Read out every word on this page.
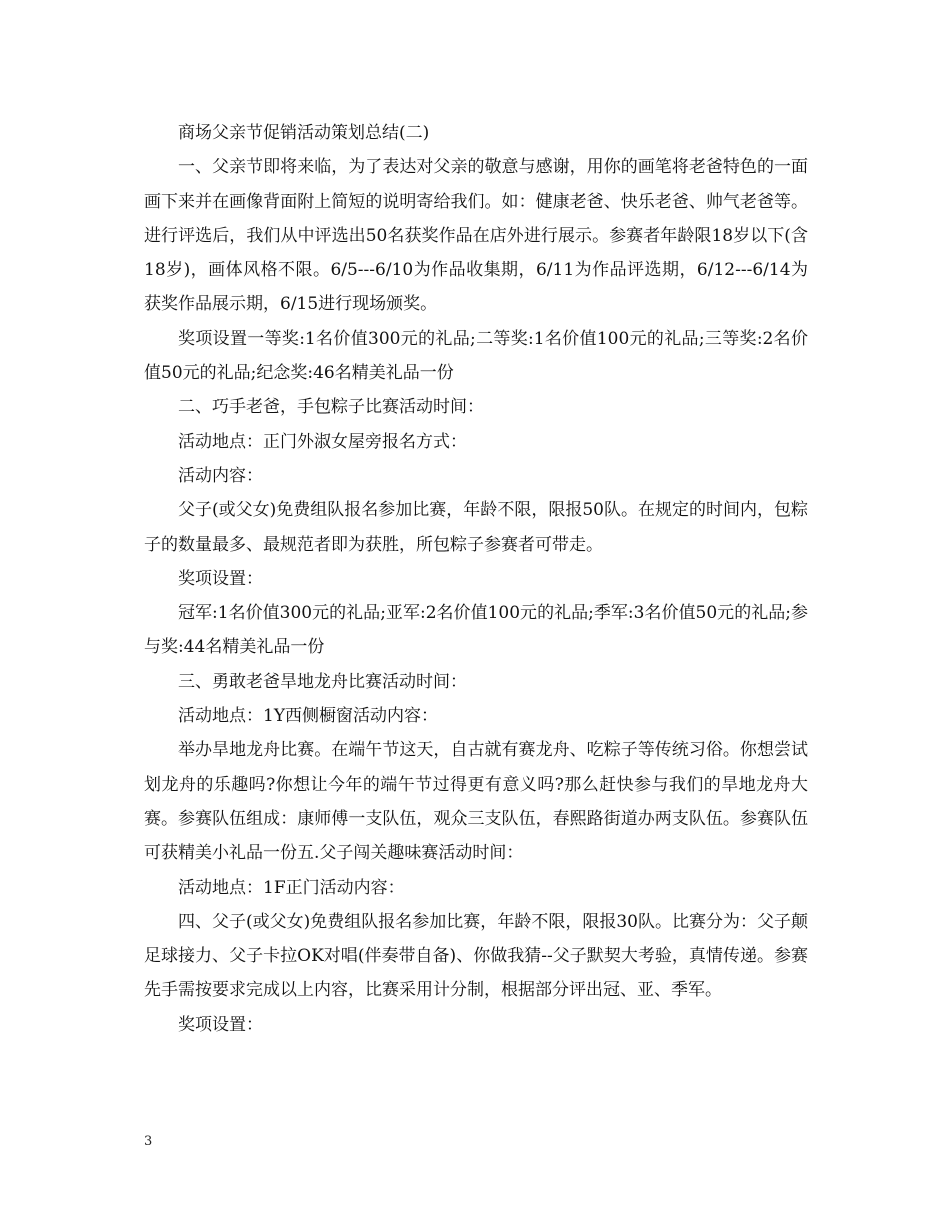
商场父亲节促销活动策划总结(二)

一、父亲节即将来临，为了表达对父亲的敬意与感谢，用你的画笔将老爸特色的一面画下来并在画像背面附上简短的说明寄给我们。如：健康老爸、快乐老爸、帅气老爸等。进行评选后，我们从中评选出50名获奖作品在店外进行展示。参赛者年龄限18岁以下(含18岁)，画体风格不限。6/5---6/10为作品收集期，6/11为作品评选期，6/12---6/14为获奖作品展示期，6/15进行现场颁奖。

奖项设置一等奖:1名价值300元的礼品;二等奖:1名价值100元的礼品;三等奖:2名价值50元的礼品;纪念奖:46名精美礼品一份

二、巧手老爸，手包粽子比赛活动时间：

活动地点：正门外淑女屋旁报名方式：

活动内容：

父子(或父女)免费组队报名参加比赛，年龄不限，限报50队。在规定的时间内，包粽子的数量最多、最规范者即为获胜，所包粽子参赛者可带走。

奖项设置：

冠军:1名价值300元的礼品;亚军:2名价值100元的礼品;季军:3名价值50元的礼品;参与奖:44名精美礼品一份

三、勇敢老爸旱地龙舟比赛活动时间：

活动地点：1Y西侧橱窗活动内容：

举办旱地龙舟比赛。在端午节这天，自古就有赛龙舟、吃粽子等传统习俗。你想尝试划龙舟的乐趣吗?你想让今年的端午节过得更有意义吗?那么赶快参与我们的旱地龙舟大赛。参赛队伍组成：康师傅一支队伍，观众三支队伍，春熙路街道办两支队伍。参赛队伍可获精美小礼品一份五.父子闯关趣味赛活动时间：

活动地点：1F正门活动内容：

四、父子(或父女)免费组队报名参加比赛，年龄不限，限报30队。比赛分为：父子颠足球接力、父子卡拉OK对唱(伴奏带自备)、你做我猜--父子默契大考验，真情传递。参赛先手需按要求完成以上内容，比赛采用计分制，根据部分评出冠、亚、季军。

奖项设置：

3
